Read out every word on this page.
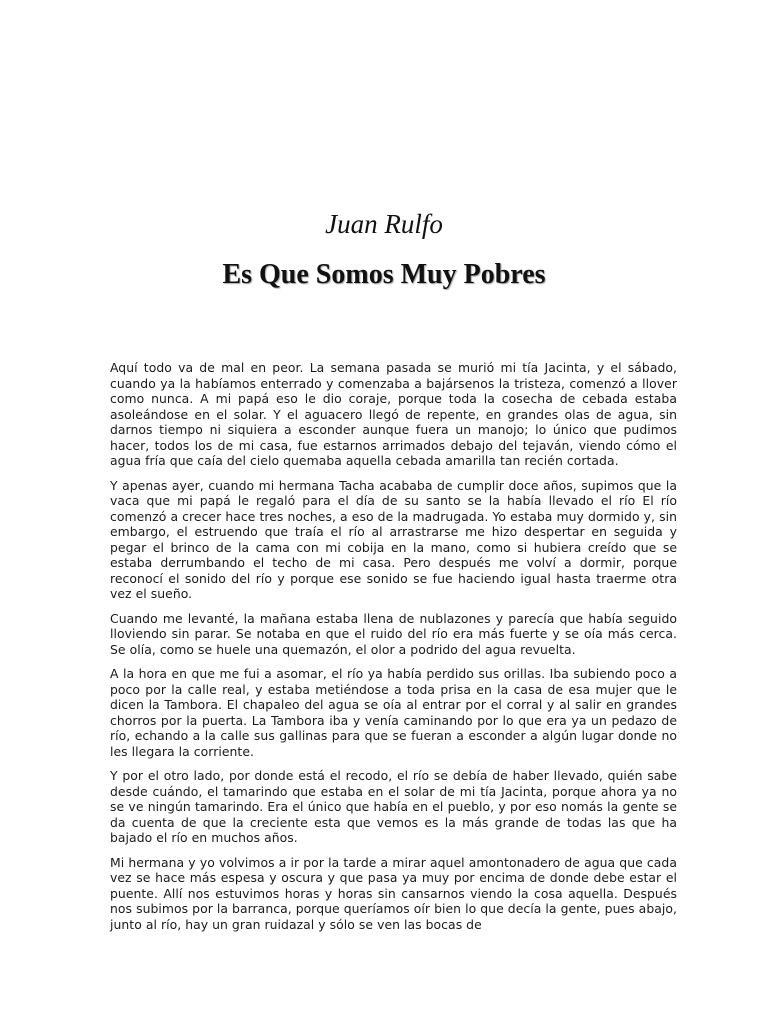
Juan Rulfo
Es Que Somos Muy Pobres

Aquí todo va de mal en peor. La semana pasada se murió mi tía Jacinta, y el sábado, cuando ya la habíamos enterrado y comenzaba a bajársenos la tristeza, comenzó a llover como nunca. A mi papá eso le dio coraje, porque toda la cosecha de cebada estaba asoleándose en el solar. Y el aguacero llegó de repente, en grandes olas de agua, sin darnos tiempo ni siquiera a esconder aunque fuera un manojo; lo único que pudimos hacer, todos los de mi casa, fue estarnos arrimados debajo del tejaván, viendo cómo el agua fría que caía del cielo quemaba aquella cebada amarilla tan recién cortada.

Y apenas ayer, cuando mi hermana Tacha acababa de cumplir doce años, supimos que la vaca que mi papá le regaló para el día de su santo se la había llevado el río El río comenzó a crecer hace tres noches, a eso de la madrugada. Yo estaba muy dormido y, sin embargo, el estruendo que traía el río al arrastrarse me hizo despertar en seguida y pegar el brinco de la cama con mi cobija en la mano, como si hubiera creído que se estaba derrumbando el techo de mi casa. Pero después me volví a dormir, porque reconocí el sonido del río y porque ese sonido se fue haciendo igual hasta traerme otra vez el sueño.

Cuando me levanté, la mañana estaba llena de nublazones y parecía que había seguido lloviendo sin parar. Se notaba en que el ruido del río era más fuerte y se oía más cerca. Se olía, como se huele una quemazón, el olor a podrido del agua revuelta.

A la hora en que me fui a asomar, el río ya había perdido sus orillas. Iba subiendo poco a poco por la calle real, y estaba metiéndose a toda prisa en la casa de esa mujer que le dicen la Tambora. El chapaleo del agua se oía al entrar por el corral y al salir en grandes chorros por la puerta. La Tambora iba y venía caminando por lo que era ya un pedazo de río, echando a la calle sus gallinas para que se fueran a esconder a algún lugar donde no les llegara la corriente.

Y por el otro lado, por donde está el recodo, el río se debía de haber llevado, quién sabe desde cuándo, el tamarindo que estaba en el solar de mi tía Jacinta, porque ahora ya no se ve ningún tamarindo. Era el único que había en el pueblo, y por eso nomás la gente se da cuenta de que la creciente esta que vemos es la más grande de todas las que ha bajado el río en muchos años.

Mi hermana y yo volvimos a ir por la tarde a mirar aquel amontonadero de agua que cada vez se hace más espesa y oscura y que pasa ya muy por encima de donde debe estar el puente. Allí nos estuvimos horas y horas sin cansarnos viendo la cosa aquella. Después nos subimos por la barranca, porque queríamos oír bien lo que decía la gente, pues abajo, junto al río, hay un gran ruidazal y sólo se ven las bocas de
